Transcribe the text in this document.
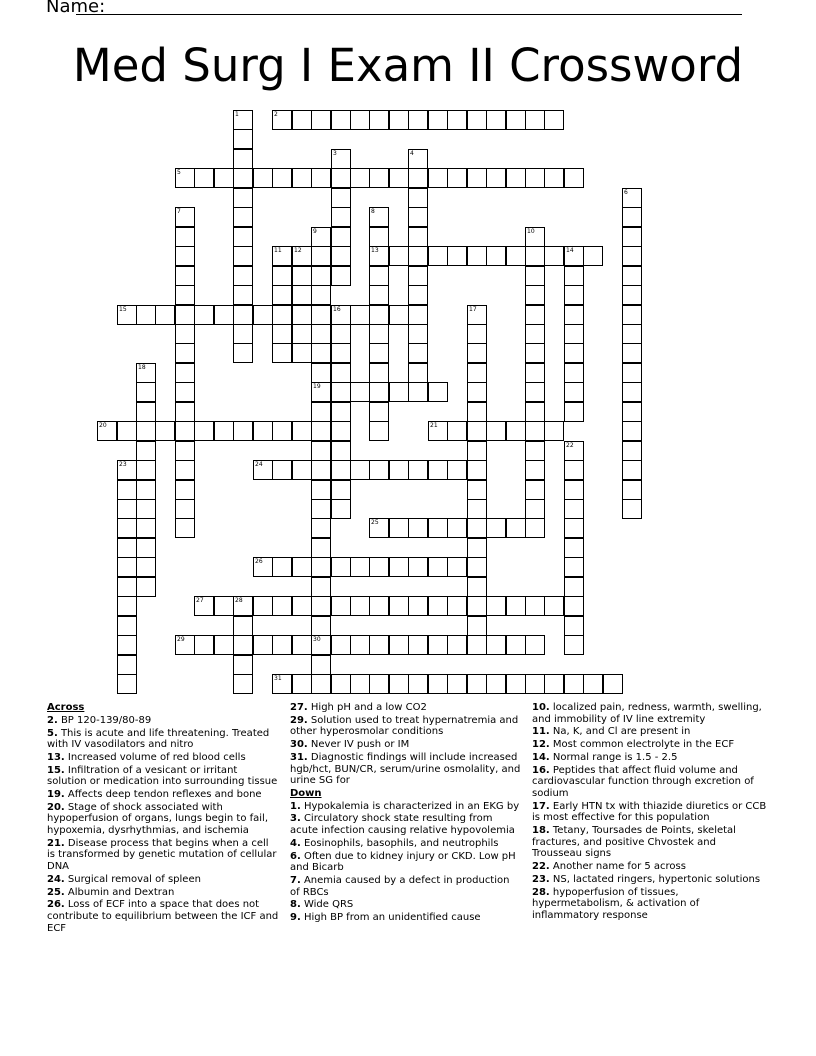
Name:
Med Surg I Exam II Crossword
2
5
13	14
15	16
19
20	21
24
25
26
27	28
29	30
31
1
3	4
6
7	8
9	10
11 12
17
18
22
23

Across

2. BP 120-139/80-89

5. This is acute and life threatening. Treated with IV vasodilators and nitro

13. Increased volume of red blood cells

15. Infiltration of a vesicant or irritant solution or medication into surrounding tissue

19. Affects deep tendon reflexes and bone

20. Stage of shock associated with hypoperfusion of organs, lungs begin to fail, hypoxemia, dysrhythmias, and ischemia

21. Disease process that begins when a cell is transformed by genetic mutation of cellular DNA

24. Surgical removal of spleen

25. Albumin and Dextran

26. Loss of ECF into a space that does not contribute to equilibrium between the ICF and ECF

27. High pH and a low CO2

29. Solution used to treat hypernatremia and other hyperosmolar conditions

30. Never IV push or IM

31. Diagnostic findings will include increased hgb/hct, BUN/CR, serum/urine osmolality, and urine SG for

Down

1. Hypokalemia is characterized in an EKG by

3. Circulatory shock state resulting from acute infection causing relative hypovolemia

4. Eosinophils, basophils, and neutrophils

6. Often due to kidney injury or CKD. Low pH and Bicarb

7. Anemia caused by a defect in production of RBCs

8. Wide QRS

9. High BP from an unidentified cause

10. localized pain, redness, warmth, swelling, and immobility of IV line extremity

11. Na, K, and Cl are present in

12. Most common electrolyte in the ECF

14. Normal range is 1.5 - 2.5

16. Peptides that affect fluid volume and cardiovascular function through excretion of sodium

17. Early HTN tx with thiazide diuretics or CCB is most effective for this population

18. Tetany, Toursades de Points, skeletal fractures, and positive Chvostek and Trousseau signs

22. Another name for 5 across

23. NS, lactated ringers, hypertonic solutions

28. hypoperfusion of tissues, hypermetabolism, & activation of inflammatory response
